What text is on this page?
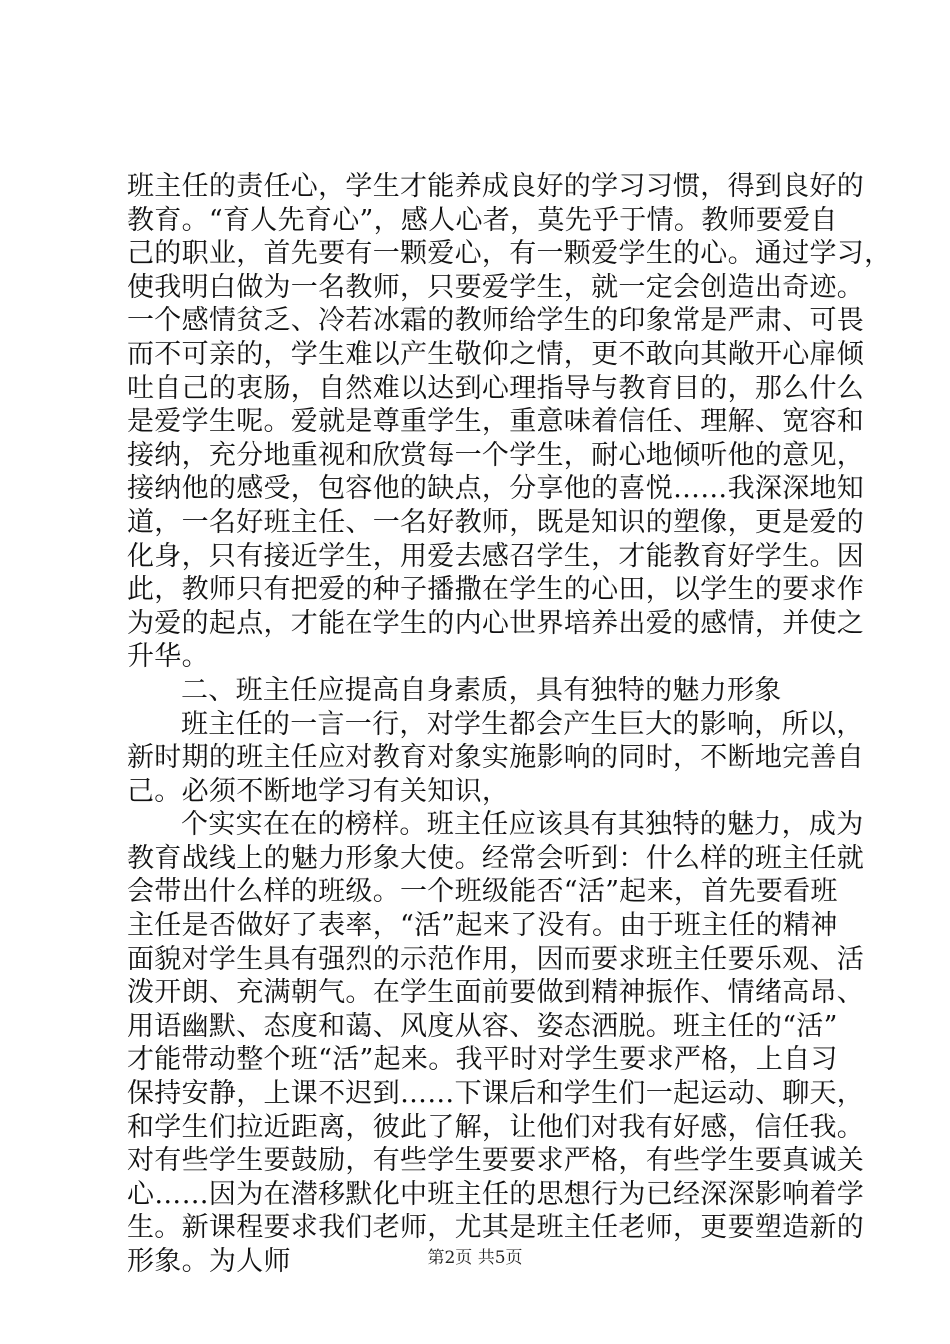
班主任的责任心，学生才能养成良好的学习习惯，得到良好的
教育。“育人先育心”，感人心者，莫先乎于情。教师要爱自
己的职业，首先要有一颗爱心，有一颗爱学生的心。通过学习，
使我明白做为一名教师，只要爱学生，就一定会创造出奇迹。
一个感情贫乏、冷若冰霜的教师给学生的印象常是严肃、可畏
而不可亲的，学生难以产生敬仰之情，更不敢向其敞开心扉倾
吐自己的衷肠，自然难以达到心理指导与教育目的，那么什么
是爱学生呢。爱就是尊重学生，重意味着信任、理解、宽容和
接纳，充分地重视和欣赏每一个学生，耐心地倾听他的意见，
接纳他的感受，包容他的缺点，分享他的喜悦……我深深地知
道，一名好班主任、一名好教师，既是知识的塑像，更是爱的
化身，只有接近学生，用爱去感召学生，才能教育好学生。因
此，教师只有把爱的种子播撒在学生的心田，以学生的要求作
为爱的起点，才能在学生的内心世界培养出爱的感情，并使之
升华。
二、班主任应提高自身素质，具有独特的魅力形象
班主任的一言一行，对学生都会产生巨大的影响，所以，
新时期的班主任应对教育对象实施影响的同时，不断地完善自
己。必须不断地学习有关知识，
个实实在在的榜样。班主任应该具有其独特的魅力，成为
教育战线上的魅力形象大使。经常会听到：什么样的班主任就
会带出什么样的班级。一个班级能否“活”起来，首先要看班
主任是否做好了表率，“活”起来了没有。由于班主任的精神
面貌对学生具有强烈的示范作用，因而要求班主任要乐观、活
泼开朗、充满朝气。在学生面前要做到精神振作、情绪高昂、
用语幽默、态度和蔼、风度从容、姿态洒脱。班主任的“活”
才能带动整个班“活”起来。我平时对学生要求严格，上自习
保持安静，上课不迟到……下课后和学生们一起运动、聊天，
和学生们拉近距离，彼此了解，让他们对我有好感，信任我。
对有些学生要鼓励，有些学生要要求严格，有些学生要真诚关
心……因为在潜移默化中班主任的思想行为已经深深影响着学
生。新课程要求我们老师，尤其是班主任老师，更要塑造新的
形象。为人师	第2页 共5页
